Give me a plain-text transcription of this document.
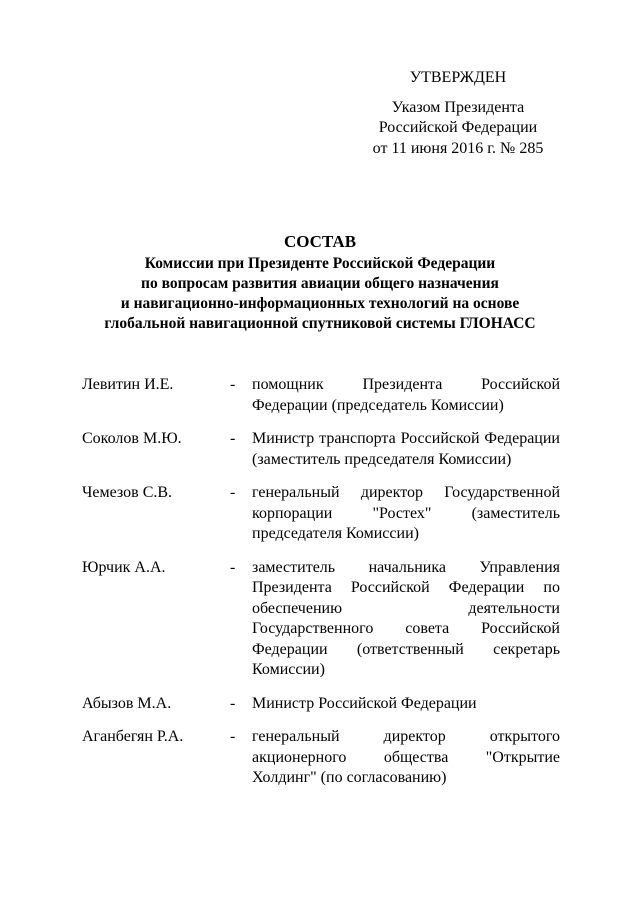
УТВЕРЖДЕН
Указом Президента
Российской Федерации
от 11 июня 2016 г. № 285
СОСТАВ
Комиссии при Президенте Российской Федерации
по вопросам развития авиации общего назначения
и навигационно-информационных технологий на основе
глобальной навигационной спутниковой системы ГЛОНАСС
Левитин И.Е.	-	помощник Президента Российской Федерации (председатель Комиссии)
Соколов М.Ю.	-	Министр транспорта Российской Федерации (заместитель председателя Комиссии)
Чемезов С.В.	-	генеральный директор Государственной корпорации "Ростех" (заместитель председателя Комиссии)
Юрчик А.А.	-	заместитель начальника Управления Президента Российской Федерации по обеспечению деятельности Государственного совета Российской Федерации (ответственный секретарь Комиссии)
Абызов М.А.	-	Министр Российской Федерации
Аганбегян Р.А.	-	генеральный директор открытого акционерного общества "Открытие Холдинг" (по согласованию)
